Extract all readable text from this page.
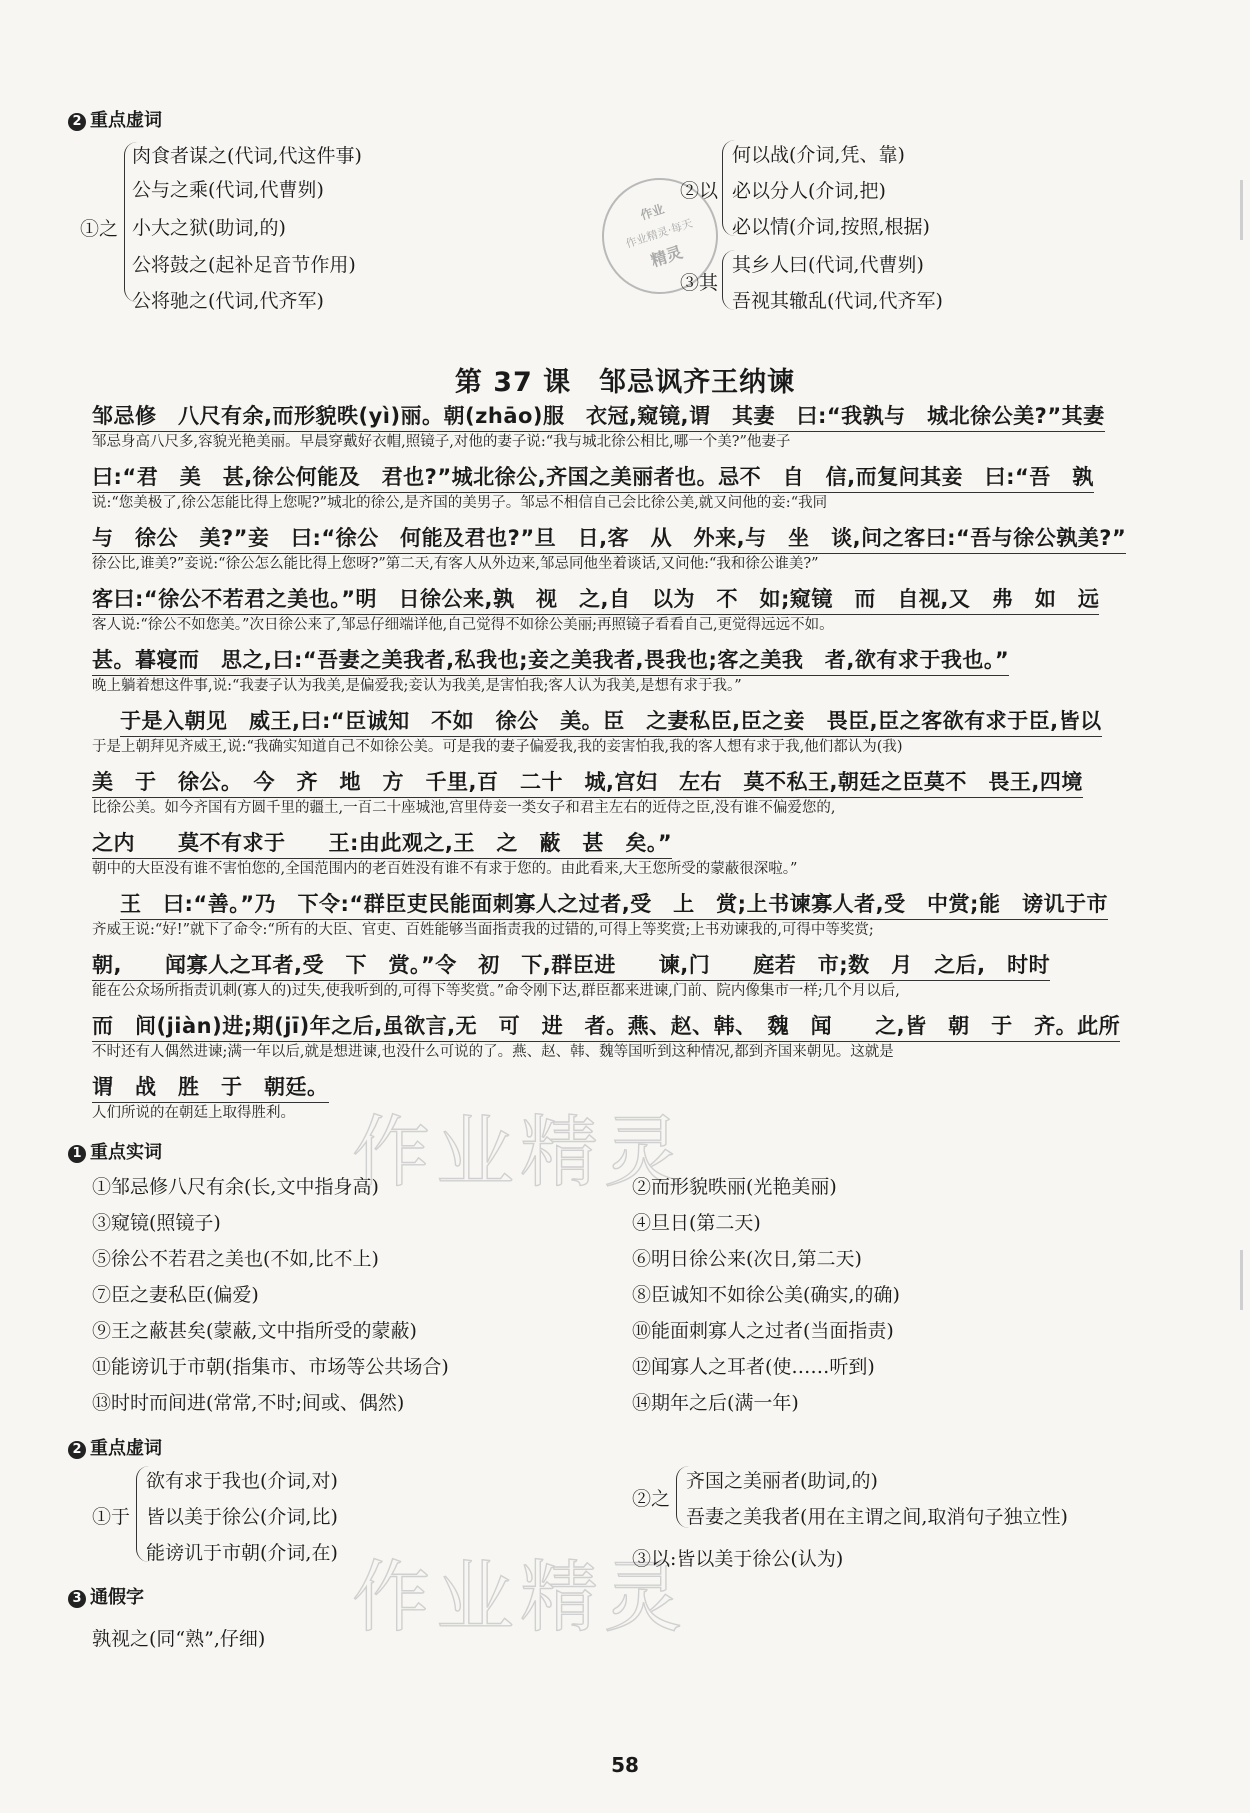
2 重点虚词
①之
肉食者谋之(代词,代这件事)
公与之乘(代词,代曹刿)
小大之狱(助词,的)
公将鼓之(起补足音节作用)
公将驰之(代词,代齐军)
作业
作业精灵·每天
精灵
②以
何以战(介词,凭、靠)
必以分人(介词,把)
必以情(介词,按照,根据)
③其
其乡人曰(代词,代曹刿)
吾视其辙乱(代词,代齐军)
第 37 课　邹忌讽齐王纳谏
邹忌修　八尺有余,而形貌昳(yì)丽。朝(zhāo)服　衣冠,窥镜,谓　其妻　曰:“我孰与　城北徐公美?”其妻
邹忌身高八尺多,容貌光艳美丽。早晨穿戴好衣帽,照镜子,对他的妻子说:“我与城北徐公相比,哪一个美?”他妻子
曰:“君　美　甚,徐公何能及　君也?”城北徐公,齐国之美丽者也。忌不　自　信,而复问其妾　曰:“吾　孰
说:“您美极了,徐公怎能比得上您呢?”城北的徐公,是齐国的美男子。邹忌不相信自己会比徐公美,就又问他的妾:“我同
与　徐公　美?”妾　曰:“徐公　何能及君也?”旦　日,客　从　外来,与　坐　谈,问之客曰:“吾与徐公孰美?”
徐公比,谁美?”妾说:“徐公怎么能比得上您呀?”第二天,有客人从外边来,邹忌同他坐着谈话,又问他:“我和徐公谁美?”
客曰:“徐公不若君之美也。”明　日徐公来,孰　视　之,自　以为　不　如;窥镜　而　自视,又　弗　如　远
客人说:“徐公不如您美。”次日徐公来了,邹忌仔细端详他,自己觉得不如徐公美丽;再照镜子看看自己,更觉得远远不如。
甚。暮寝而　思之,曰:“吾妻之美我者,私我也;妾之美我者,畏我也;客之美我　者,欲有求于我也。”
晚上躺着想这件事,说:“我妻子认为我美,是偏爱我;妾认为我美,是害怕我;客人认为我美,是想有求于我。”
于是入朝见　威王,曰:“臣诚知　不如　徐公　美。臣　之妻私臣,臣之妾　畏臣,臣之客欲有求于臣,皆以
于是上朝拜见齐威王,说:“我确实知道自己不如徐公美。可是我的妻子偏爱我,我的妾害怕我,我的客人想有求于我,他们都认为(我)
美　于　徐公。　今　齐　地　方　千里,百　二十　城,宫妇　左右　莫不私王,朝廷之臣莫不　畏王,四境
比徐公美。如今齐国有方圆千里的疆土,一百二十座城池,宫里侍妾一类女子和君主左右的近侍之臣,没有谁不偏爱您的,
之内　　莫不有求于　　王:由此观之,王　之　蔽　甚　矣。”
朝中的大臣没有谁不害怕您的,全国范围内的老百姓没有谁不有求于您的。由此看来,大王您所受的蒙蔽很深啦。”
王　曰:“善。”乃　下令:“群臣吏民能面刺寡人之过者,受　上　赏;上书谏寡人者,受　中赏;能　谤讥于市
齐威王说:“好!”就下了命令:“所有的大臣、官吏、百姓能够当面指责我的过错的,可得上等奖赏;上书劝谏我的,可得中等奖赏;
朝,　　闻寡人之耳者,受　下　赏。”令　初　下,群臣进　　谏,门　　庭若　市;数　月　之后,　时时
能在公众场所指责讥刺(寡人的)过失,使我听到的,可得下等奖赏。”命令刚下达,群臣都来进谏,门前、院内像集市一样;几个月以后,
而　间(jiàn)进;期(jī)年之后,虽欲言,无　可　进　者。燕、赵、韩、　魏　闻　　之,皆　朝　于　齐。此所
不时还有人偶然进谏;满一年以后,就是想进谏,也没什么可说的了。燕、赵、韩、魏等国听到这种情况,都到齐国来朝见。这就是
谓　战　胜　于　朝廷。
人们所说的在朝廷上取得胜利。 作业精灵
作业精灵
1 重点实词
①邹忌修八尺有余(长,文中指身高)
③窥镜(照镜子)
⑤徐公不若君之美也(不如,比不上)
⑦臣之妻私臣(偏爱)
⑨王之蔽甚矣(蒙蔽,文中指所受的蒙蔽)
⑪能谤讥于市朝(指集市、市场等公共场合)
⑬时时而间进(常常,不时;间或、偶然)
②而形貌昳丽(光艳美丽)
④旦日(第二天)
⑥明日徐公来(次日,第二天)
⑧臣诚知不如徐公美(确实,的确)
⑩能面刺寡人之过者(当面指责)
⑫闻寡人之耳者(使……听到)
⑭期年之后(满一年)
2 重点虚词
①于
欲有求于我也(介词,对)
皆以美于徐公(介词,比)
能谤讥于市朝(介词,在)
②之
齐国之美丽者(助词,的)
吾妻之美我者(用在主谓之间,取消句子独立性)
③以:皆以美于徐公(认为)
3 通假字
孰视之(同“熟”,仔细)
58
